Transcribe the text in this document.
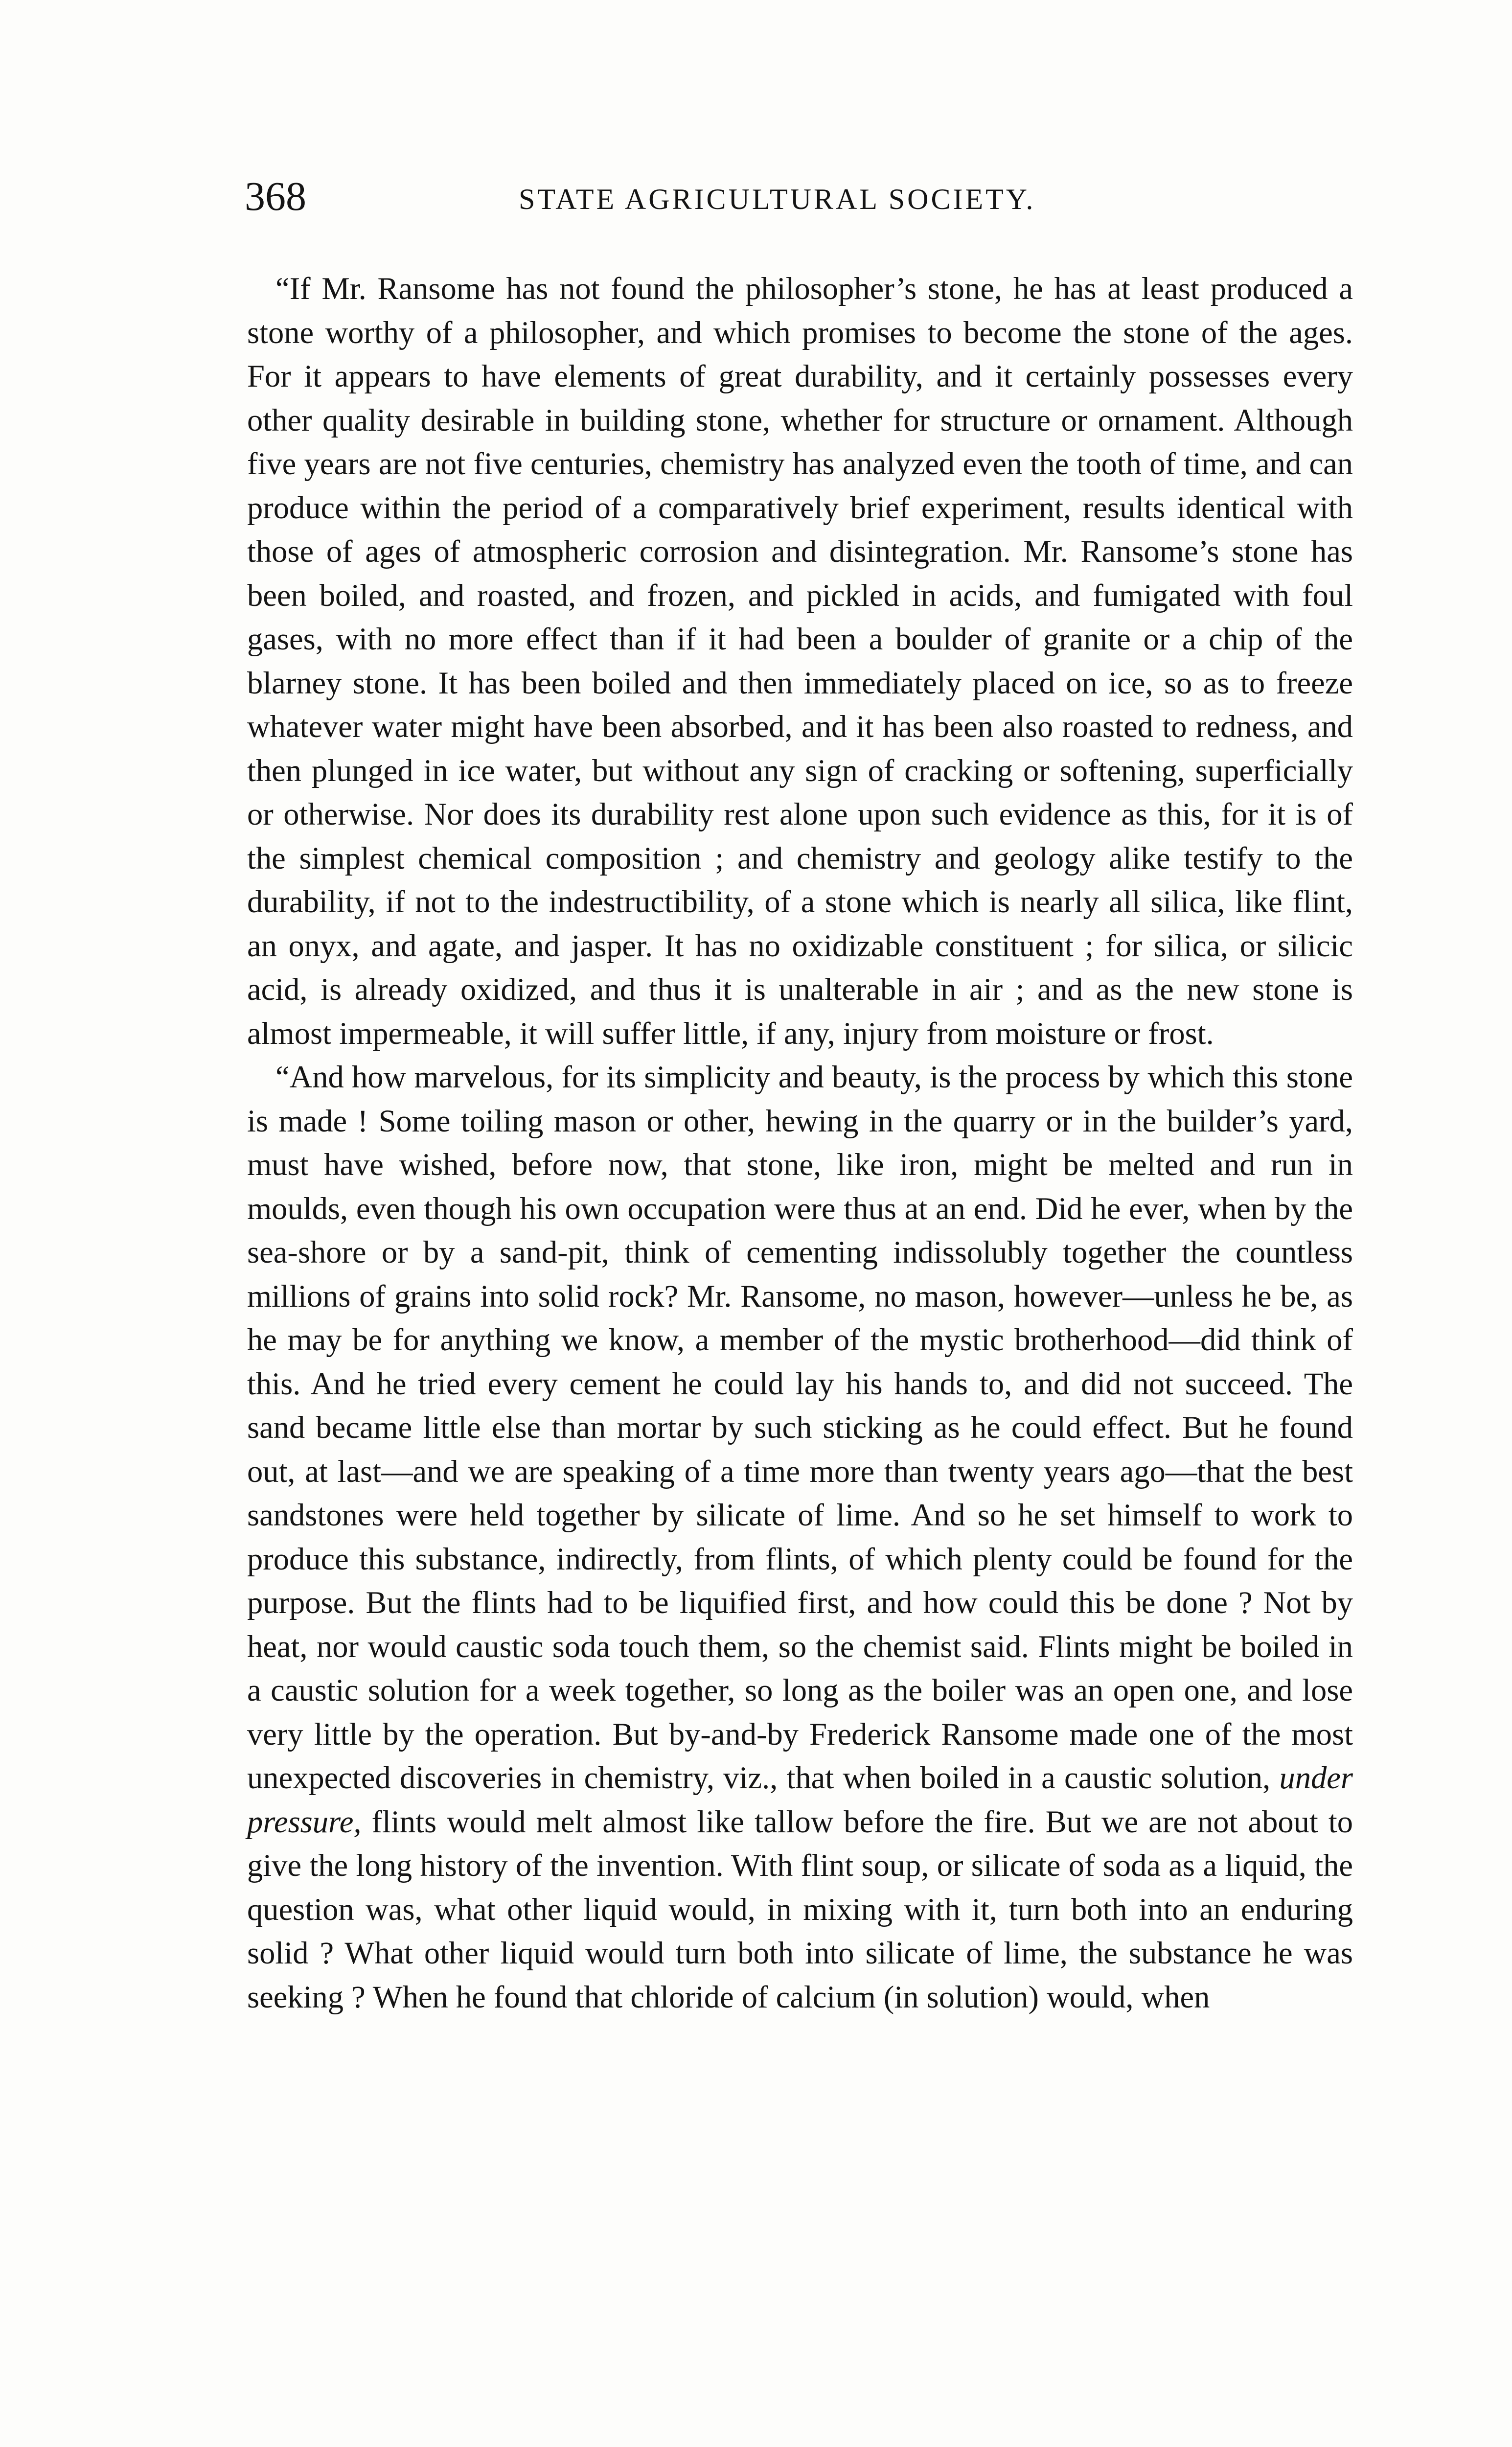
368	STATE AGRICULTURAL SOCIETY.

“If Mr. Ransome has not found the philosopher’s stone, he has at least produced a stone worthy of a philosopher, and which promises to become the stone of the ages. For it appears to have elements of great durability, and it certainly possesses every other quality desirable in building stone, whether for structure or ornament. Although five years are not five centuries, chemistry has analyzed even the tooth of time, and can produce within the period of a comparatively brief experiment, results identical with those of ages of atmospheric corrosion and disintegration. Mr. Ransome’s stone has been boiled, and roasted, and frozen, and pickled in acids, and fumigated with foul gases, with no more effect than if it had been a boulder of granite or a chip of the blarney stone. It has been boiled and then immediately placed on ice, so as to freeze whatever water might have been absorbed, and it has been also roasted to redness, and then plunged in ice water, but without any sign of cracking or softening, superficially or otherwise. Nor does its durability rest alone upon such evidence as this, for it is of the simplest chemical composition ; and chemistry and geology alike testify to the durability, if not to the indestructibility, of a stone which is nearly all silica, like flint, an onyx, and agate, and jasper. It has no oxidizable constituent ; for silica, or silicic acid, is already oxidized, and thus it is unalterable in air ; and as the new stone is almost impermeable, it will suffer little, if any, injury from moisture or frost.

“And how marvelous, for its simplicity and beauty, is the process by which this stone is made ! Some toiling mason or other, hewing in the quarry or in the builder’s yard, must have wished, before now, that stone, like iron, might be melted and run in moulds, even though his own occupation were thus at an end. Did he ever, when by the sea-shore or by a sand-pit, think of cementing indissolubly together the countless millions of grains into solid rock? Mr. Ransome, no mason, however—unless he be, as he may be for anything we know, a member of the mystic brotherhood—did think of this. And he tried every cement he could lay his hands to, and did not succeed. The sand became little else than mortar by such sticking as he could effect. But he found out, at last—and we are speaking of a time more than twenty years ago—that the best sandstones were held together by silicate of lime. And so he set himself to work to produce this substance, indirectly, from flints, of which plenty could be found for the purpose. But the flints had to be liquified first, and how could this be done ? Not by heat, nor would caustic soda touch them, so the chemist said. Flints might be boiled in a caustic solution for a week together, so long as the boiler was an open one, and lose very little by the operation. But by-and-by Frederick Ransome made one of the most unexpected discoveries in chemistry, viz., that when boiled in a caustic solution, under pressure, flints would melt almost like tallow before the fire. But we are not about to give the long history of the invention. With flint soup, or silicate of soda as a liquid, the question was, what other liquid would, in mixing with it, turn both into an enduring solid ? What other liquid would turn both into silicate of lime, the substance he was seeking ? When he found that chloride of calcium (in solution) would, when
